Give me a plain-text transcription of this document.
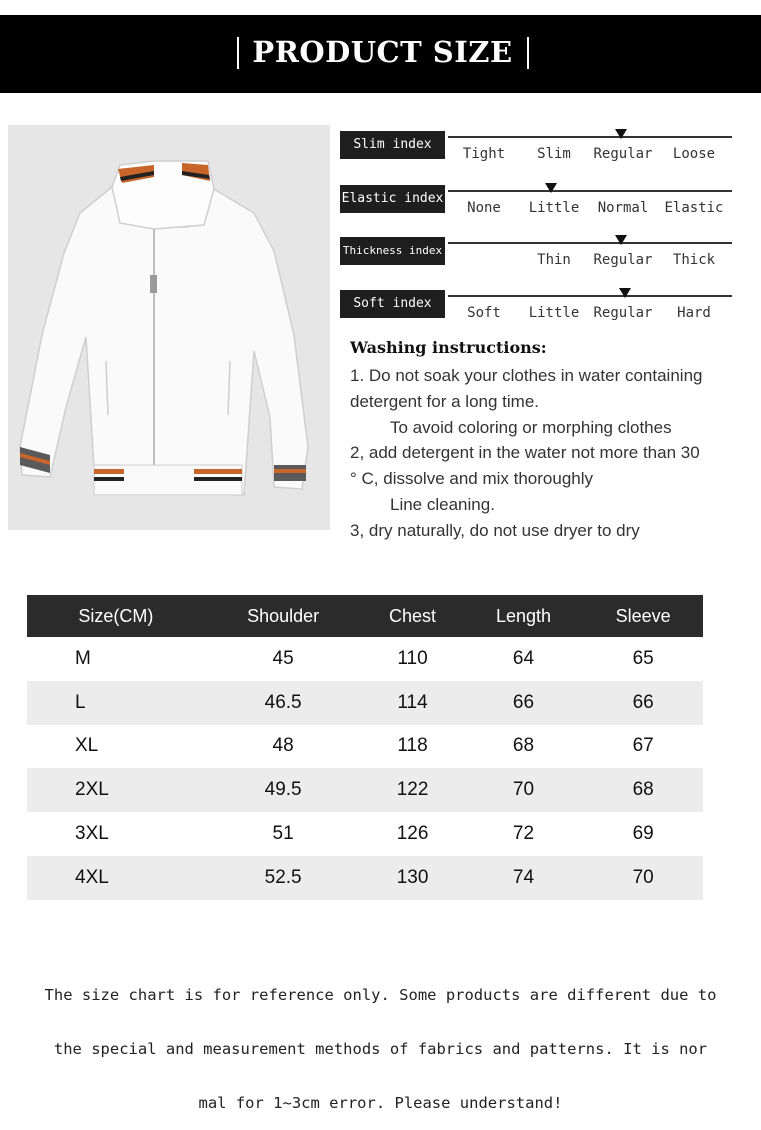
PRODUCT SIZE
Slim index
Tight	Slim	Regular	Loose
Elastic index
None	Little	Normal	Elastic
Thickness index
Thin	Regular	Thick
Soft index
Soft	Little	Regular	Hard
Washing instructions:

1. Do not soak your clothes in water containing

detergent for a long time.

To avoid coloring or morphing clothes

2, add detergent in the water not more than 30

° C, dissolve and mix thoroughly

Line cleaning.

3, dry naturally, do not use dryer to dry

Size(CM)	Shoulder	Chest	Length	Sleeve
M	45	110	64	65
L	46.5	114	66	66
XL	48	118	68	67
2XL	49.5	122	70	68
3XL	51	126	72	69
4XL	52.5	130	74	70

The size chart is for reference only. Some products are different due to

the special and measurement methods of fabrics and patterns. It is nor

mal for 1~3cm error. Please understand!
